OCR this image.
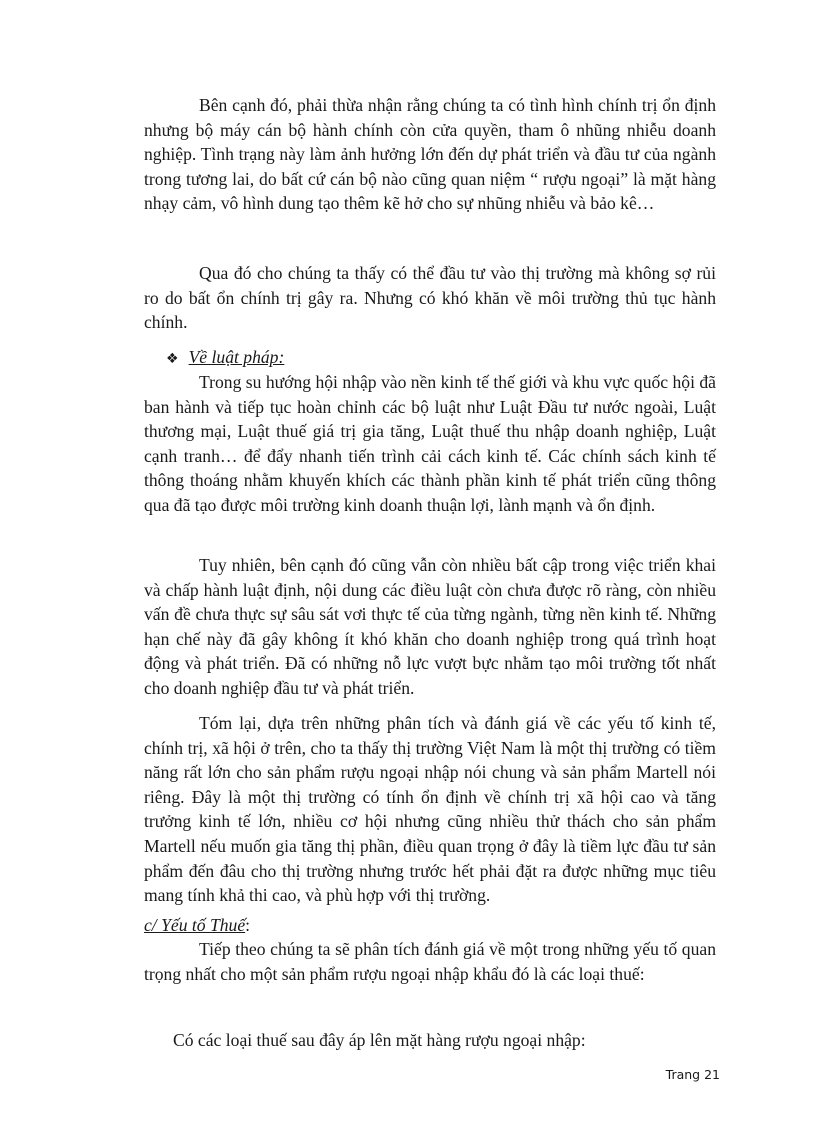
Bên cạnh đó, phải thừa nhận rằng chúng ta có tình hình chính trị ổn định nhưng bộ máy cán bộ hành chính còn cửa quyền, tham ô nhũng nhiễu doanh nghiệp. Tình trạng này làm ảnh hưởng lớn đến dự phát triển và đầu tư của ngành trong tương lai, do bất cứ cán bộ nào cũng quan niệm “ rượu ngoại” là mặt hàng nhạy cảm, vô hình dung tạo thêm kẽ hở cho sự nhũng nhiễu và bảo kê…

Qua đó cho chúng ta thấy có thể đầu tư vào thị trường mà không sợ rủi ro do bất ổn chính trị gây ra. Nhưng có khó khăn về môi trường thủ tục hành chính.

❖ Về luật pháp:

Trong su hướng hội nhập vào nền kinh tế thế giới và khu vực quốc hội đã ban hành và tiếp tục hoàn chỉnh các bộ luật như Luật Đầu tư nước ngoài, Luật thương mại, Luật thuế giá trị gia tăng, Luật thuế thu nhập doanh nghiệp, Luật cạnh tranh… để đẩy nhanh tiến trình cải cách kinh tế. Các chính sách kinh tế thông thoáng nhằm khuyến khích các thành phần kinh tế phát triển cũng thông qua đã tạo được môi trường kinh doanh thuận lợi, lành mạnh và ổn định.

Tuy nhiên, bên cạnh đó cũng vẫn còn nhiều bất cập trong việc triển khai và chấp hành luật định, nội dung các điều luật còn chưa được rõ ràng, còn nhiều vấn đề chưa thực sự sâu sát vơi thực tế của từng ngành, từng nền kinh tế. Những hạn chế này đã gây không ít khó khăn cho doanh nghiệp trong quá trình hoạt động và phát triển. Đã có những nỗ lực vượt bực nhằm tạo môi trường tốt nhất cho doanh nghiệp đầu tư và phát triển.

Tóm lại, dựa trên những phân tích và đánh giá về các yếu tố kinh tế, chính trị, xã hội ở trên, cho ta thấy thị trường Việt Nam là một thị trường có tiềm năng rất lớn cho sản phẩm rượu ngoại nhập nói chung và sản phẩm Martell nói riêng. Đây là một thị trường có tính ổn định về chính trị xã hội cao và tăng trưởng kinh tế lớn, nhiều cơ hội nhưng cũng nhiều thử thách cho sản phẩm Martell nếu muốn gia tăng thị phần, điều quan trọng ở đây là tiềm lực đầu tư sản phẩm đến đâu cho thị trường nhưng trước hết phải đặt ra được những mục tiêu mang tính khả thi cao, và phù hợp với thị trường.

c/ Yếu tố Thuế:

Tiếp theo chúng ta sẽ phân tích đánh giá về một trong những yếu tố quan trọng nhất cho một sản phẩm rượu ngoại nhập khẩu đó là các loại thuế:

Có các loại thuế sau đây áp lên mặt hàng rượu ngoại nhập:

Trang 21
